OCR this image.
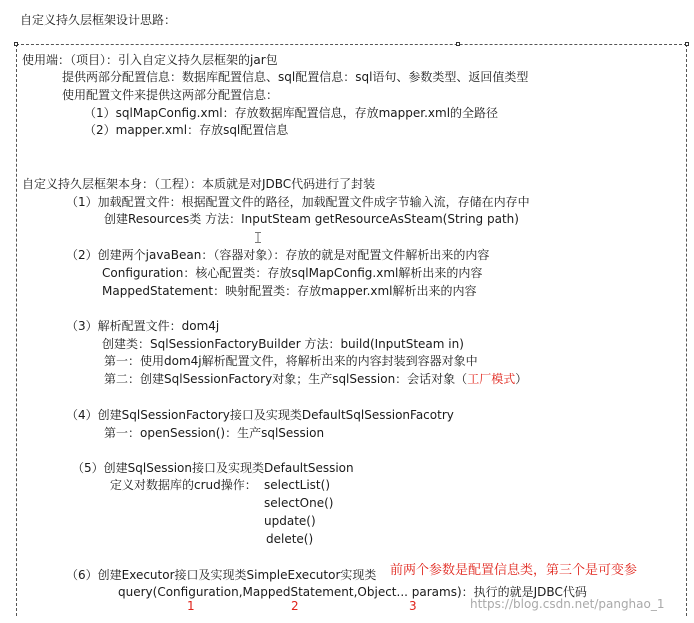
自定义持久层框架设计思路：
使用端：（项目）：引入自定义持久层框架的jar包
提供两部分配置信息：数据库配置信息、sql配置信息：sql语句、参数类型、返回值类型
使用配置文件来提供这两部分配置信息：
（1）sqlMapConfig.xml：存放数据库配置信息，存放mapper.xml的全路径
（2）mapper.xml：存放sql配置信息
自定义持久层框架本身：（工程）：本质就是对JDBC代码进行了封装
（1）加载配置文件：根据配置文件的路径，加载配置文件成字节输入流，存储在内存中
创建Resources类 方法：InputSteam getResourceAsSteam(String path)
（2）创建两个javaBean：（容器对象）：存放的就是对配置文件解析出来的内容
Configuration：核心配置类：存放sqlMapConfig.xml解析出来的内容
MappedStatement：映射配置类：存放mapper.xml解析出来的内容
（3）解析配置文件：dom4j
创建类：SqlSessionFactoryBuilder 方法：build(InputSteam in)
第一：使用dom4j解析配置文件，将解析出来的内容封装到容器对象中
第二：创建SqlSessionFactory对象；生产sqlSession：会话对象（工厂模式）
（4）创建SqlSessionFactory接口及实现类DefaultSqlSessionFacotry
第一：openSession()：生产sqlSession
（5）创建SqlSession接口及实现类DefaultSession
定义对数据库的crud操作： selectList()
selectOne()
update()
delete()
（6）创建Executor接口及实现类SimpleExecutor实现类 前两个参数是配置信息类，第三个是可变参
query(Configuration,MappedStatement,Object... params)：执行的就是JDBC代码
1	2	3	https://blog.csdn.net/panghao_1
